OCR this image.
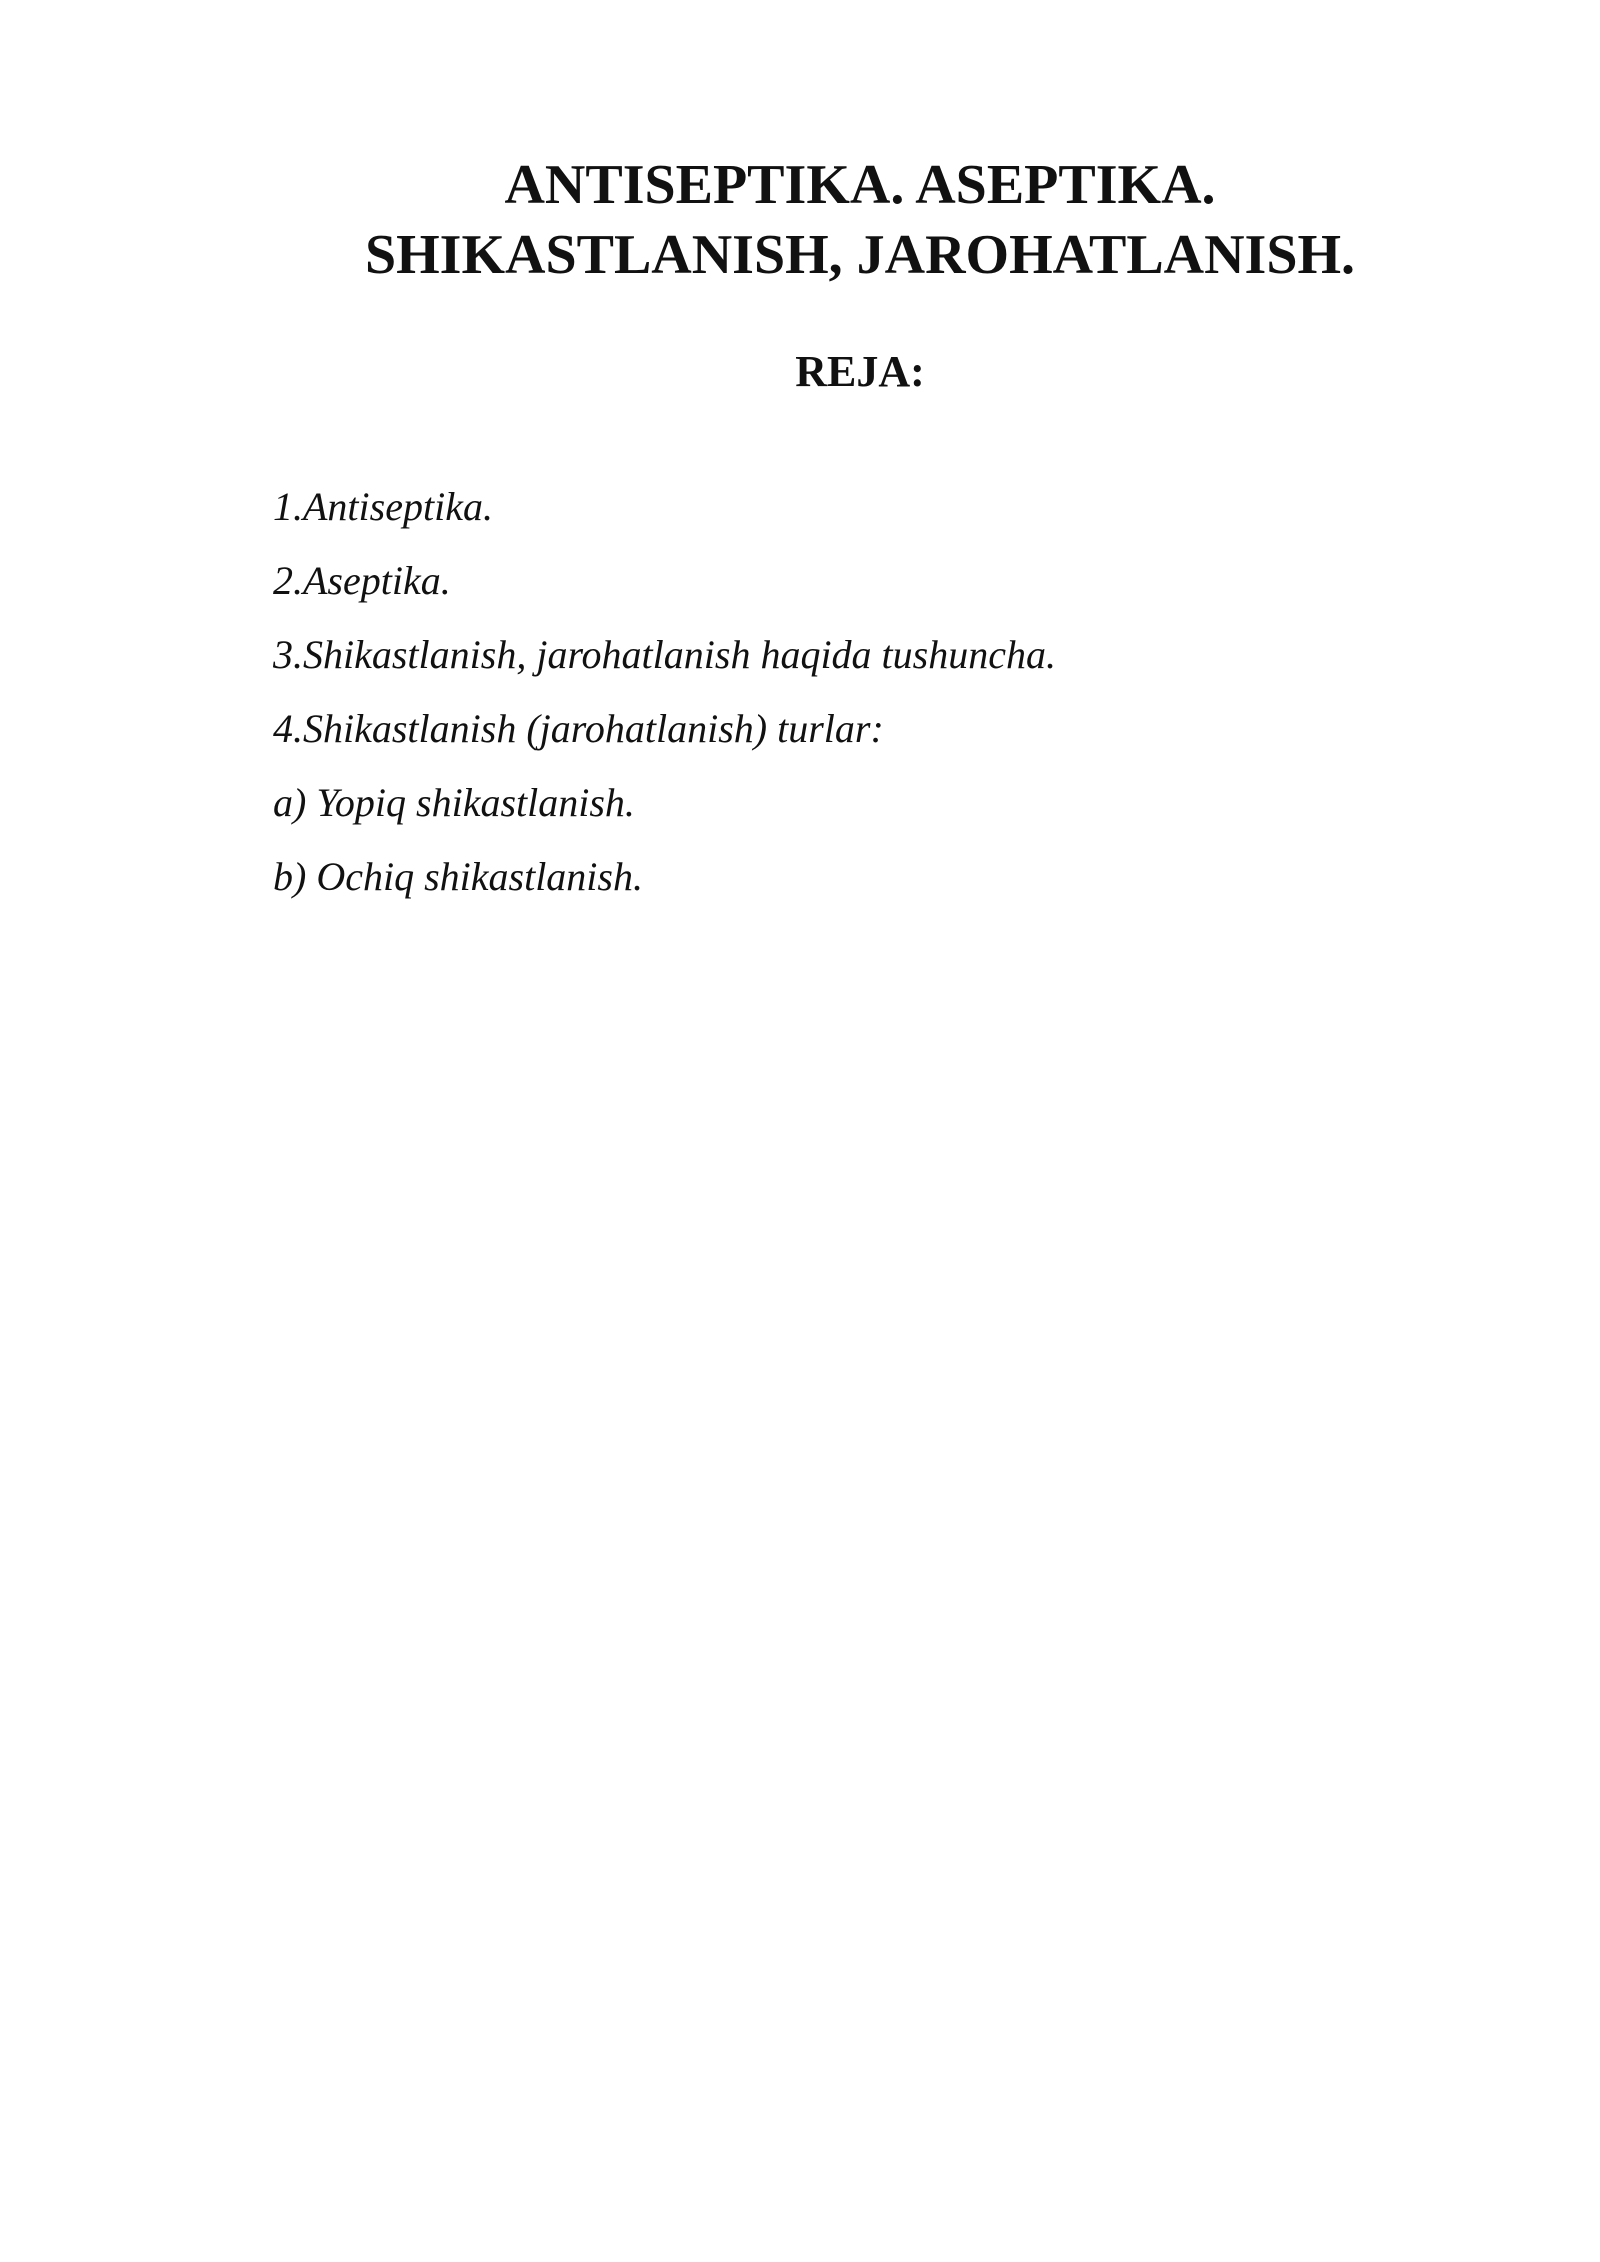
ANTISEPTIKA. ASEPTIKA.
SHIKASTLANISH, JAROHATLANISH.
REJA:
1.Antiseptika.
2.Aseptika.
3.Shikastlanish, jarohatlanish haqida tushuncha.
4.Shikastlanish (jarohatlanish) turlar:
a) Yopiq shikastlanish.
b) Ochiq shikastlanish.
